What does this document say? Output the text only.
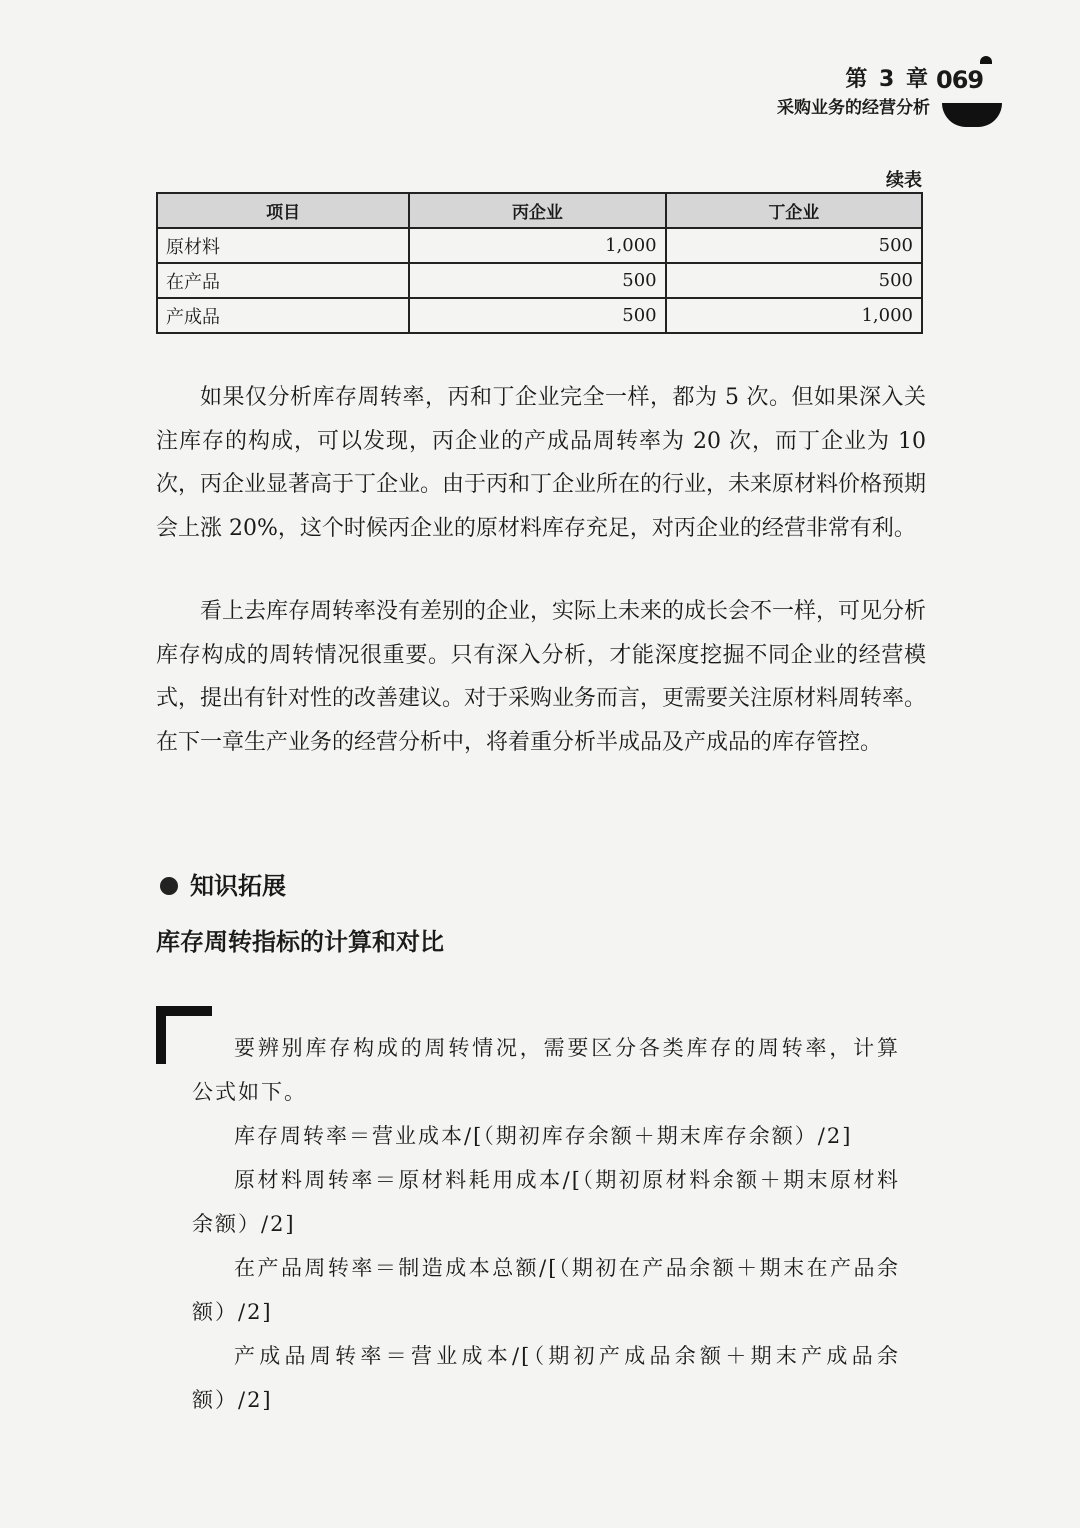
第 3 章
采购业务的经营分析
069
续表
项目	丙企业	丁企业
原材料	1,000	500
在产品	500	500
产成品	500	1,000

如果仅分析库存周转率，丙和丁企业完全一样，都为 5 次。但如果深入关注库存的构成，可以发现，丙企业的产成品周转率为 20 次，而丁企业为 10 次，丙企业显著高于丁企业。由于丙和丁企业所在的行业，未来原材料价格预期会上涨 20%，这个时候丙企业的原材料库存充足，对丙企业的经营非常有利。

看上去库存周转率没有差别的企业，实际上未来的成长会不一样，可见分析库存构成的周转情况很重要。只有深入分析，才能深度挖掘不同企业的经营模式，提出有针对性的改善建议。对于采购业务而言，更需要关注原材料周转率。在下一章生产业务的经营分析中，将着重分析半成品及产成品的库存管控。

知识拓展
库存周转指标的计算和对比

要辨别库存构成的周转情况，需要区分各类库存的周转率，计算公式如下。

库存周转率＝营业成本/[（期初库存余额＋期末库存余额）/2]

原材料周转率＝原材料耗用成本/[（期初原材料余额＋期末原材料余额）/2]

在产品周转率＝制造成本总额/[（期初在产品余额＋期末在产品余额）/2]

产成品周转率＝营业成本/[（期初产成品余额＋期末产成品余额）/2]
